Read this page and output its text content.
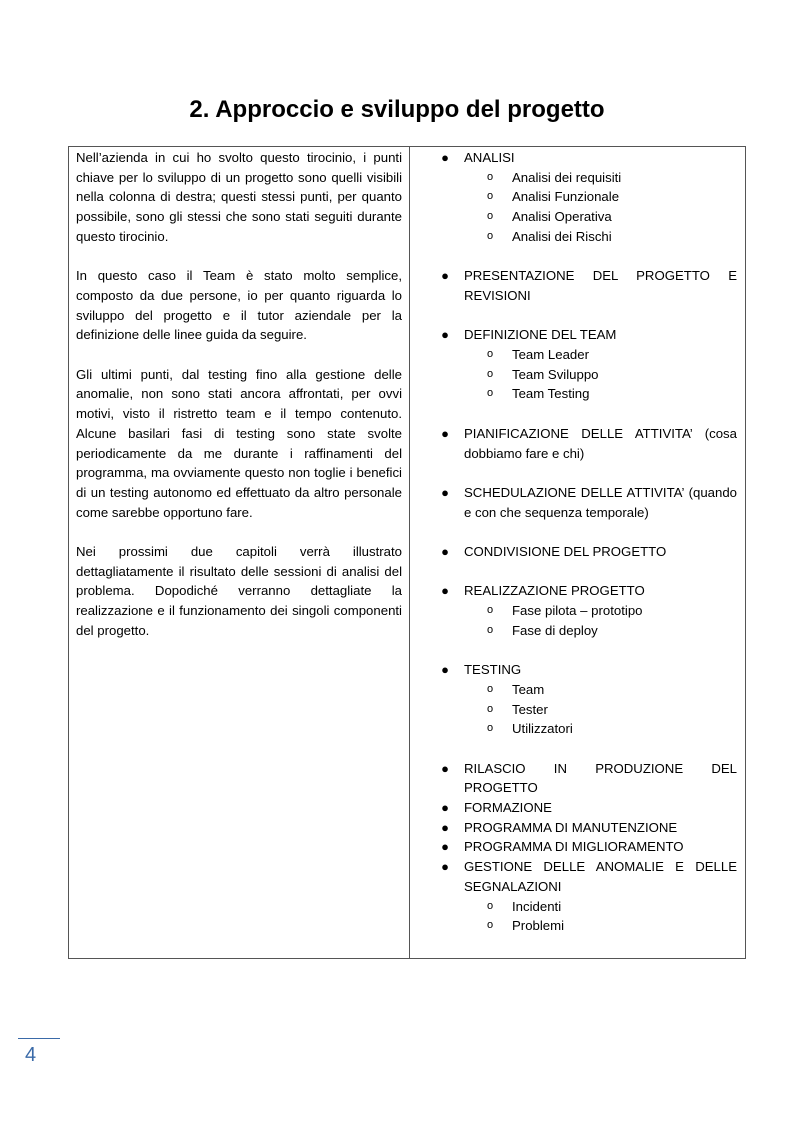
2. Approccio e sviluppo del progetto

Nell’azienda in cui ho svolto questo tirocinio, i punti chiave per lo sviluppo di un progetto sono quelli visibili nella colonna di destra; questi stessi punti, per quanto possibile, sono gli stessi che sono stati seguiti durante questo tirocinio.

In questo caso il Team è stato molto semplice, composto da due persone, io per quanto riguarda lo sviluppo del progetto e il tutor aziendale per la definizione delle linee guida da seguire.

Gli ultimi punti, dal testing fino alla gestione delle anomalie, non sono stati ancora affrontati, per ovvi motivi, visto il ristretto team e il tempo contenuto. Alcune basilari fasi di testing sono state svolte periodicamente da me durante i raffinamenti del programma, ma ovviamente questo non toglie i benefici di un testing autonomo ed effettuato da altro personale come sarebbe opportuno fare.

Nei prossimi due capitoli verrà illustrato dettagliatamente il risultato delle sessioni di analisi del problema. Dopodiché verranno dettagliate la realizzazione e il funzionamento dei singoli componenti del progetto.

● ANALISI
o Analisi dei requisiti
o Analisi Funzionale
o Analisi Operativa
o Analisi dei Rischi
● PRESENTAZIONE DEL PROGETTO E REVISIONI
● DEFINIZIONE DEL TEAM
o Team Leader
o Team Sviluppo
o Team Testing
● PIANIFICAZIONE DELLE ATTIVITA’ (cosa dobbiamo fare e chi)
● SCHEDULAZIONE DELLE ATTIVITA’ (quando e con che sequenza temporale)
● CONDIVISIONE DEL PROGETTO
● REALIZZAZIONE PROGETTO
o Fase pilota – prototipo
o Fase di deploy
● TESTING
o Team
o Tester
o Utilizzatori
● RILASCIO IN PRODUZIONE DEL PROGETTO
● FORMAZIONE
● PROGRAMMA DI MANUTENZIONE
● PROGRAMMA DI MIGLIORAMENTO
● GESTIONE DELLE ANOMALIE E DELLE SEGNALAZIONI
o Incidenti
o Problemi
4
